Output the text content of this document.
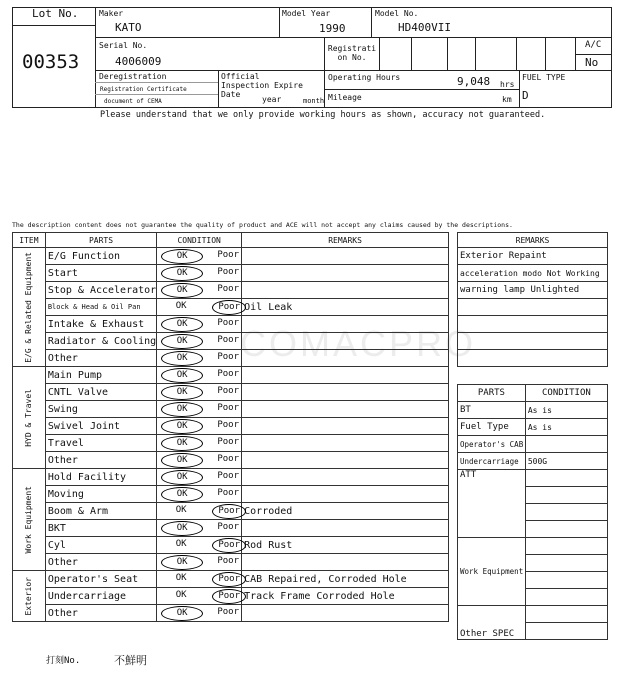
Lot No.
00353
Maker
KATO
Model Year
1990
Model No.
HD400VII
Serial No.
4006009
Registrati on No.
A/C
No
Deregistration
Registration Certificate
document of CEMA
Official Inspection Expire Date
year	month
Operating Hours	9,048 hrs
Mileage	km
FUEL TYPE
D
Please understand that we only provide working hours as shown, accuracy not guaranteed.
COMACPRO
The description content does not guarantee the quality of product and ACE will not accept any claims caused by the descriptions.
ITEM	PARTS	CONDITION	REMARKS

E/G & Related Equipment	E/G Function	OK Poor	

	Start	OK Poor	

	Stop & Accelerator	OK Poor	

	Block & Head & Oil Pan	OK Poor	Oil Leak
	Intake & Exhaust	OK Poor	

	Radiator & Cooling	OK Poor	

	Other	OK Poor	

HYD & Travel	Main Pump	OK Poor	

	CNTL Valve	OK Poor	

	Swing	OK Poor	

	Swivel Joint	OK Poor	

	Travel	OK Poor	

	Other	OK Poor	

Work Equipment	Hold Facility	OK Poor	

	Moving	OK Poor	

	Boom & Arm	OK Poor	Corroded
	BKT	OK Poor	

	Cyl	OK Poor	Rod Rust
	Other	OK Poor	

Exterior	Operator's Seat	OK Poor	CAB Repaired, Corroded Hole
	Undercarriage	OK Poor	Track Frame Corroded Hole
	Other	OK Poor	

REMARKS
Exterior Repaint
acceleration modo Not Working
warning lamp Unlighted

PARTS	CONDITION
BT	As is
Fuel Type	As is
Operator's CAB	
Undercarriage	500G
ATT	

Work Equipment	

Other SPEC	

打刻No.	不鮮明
